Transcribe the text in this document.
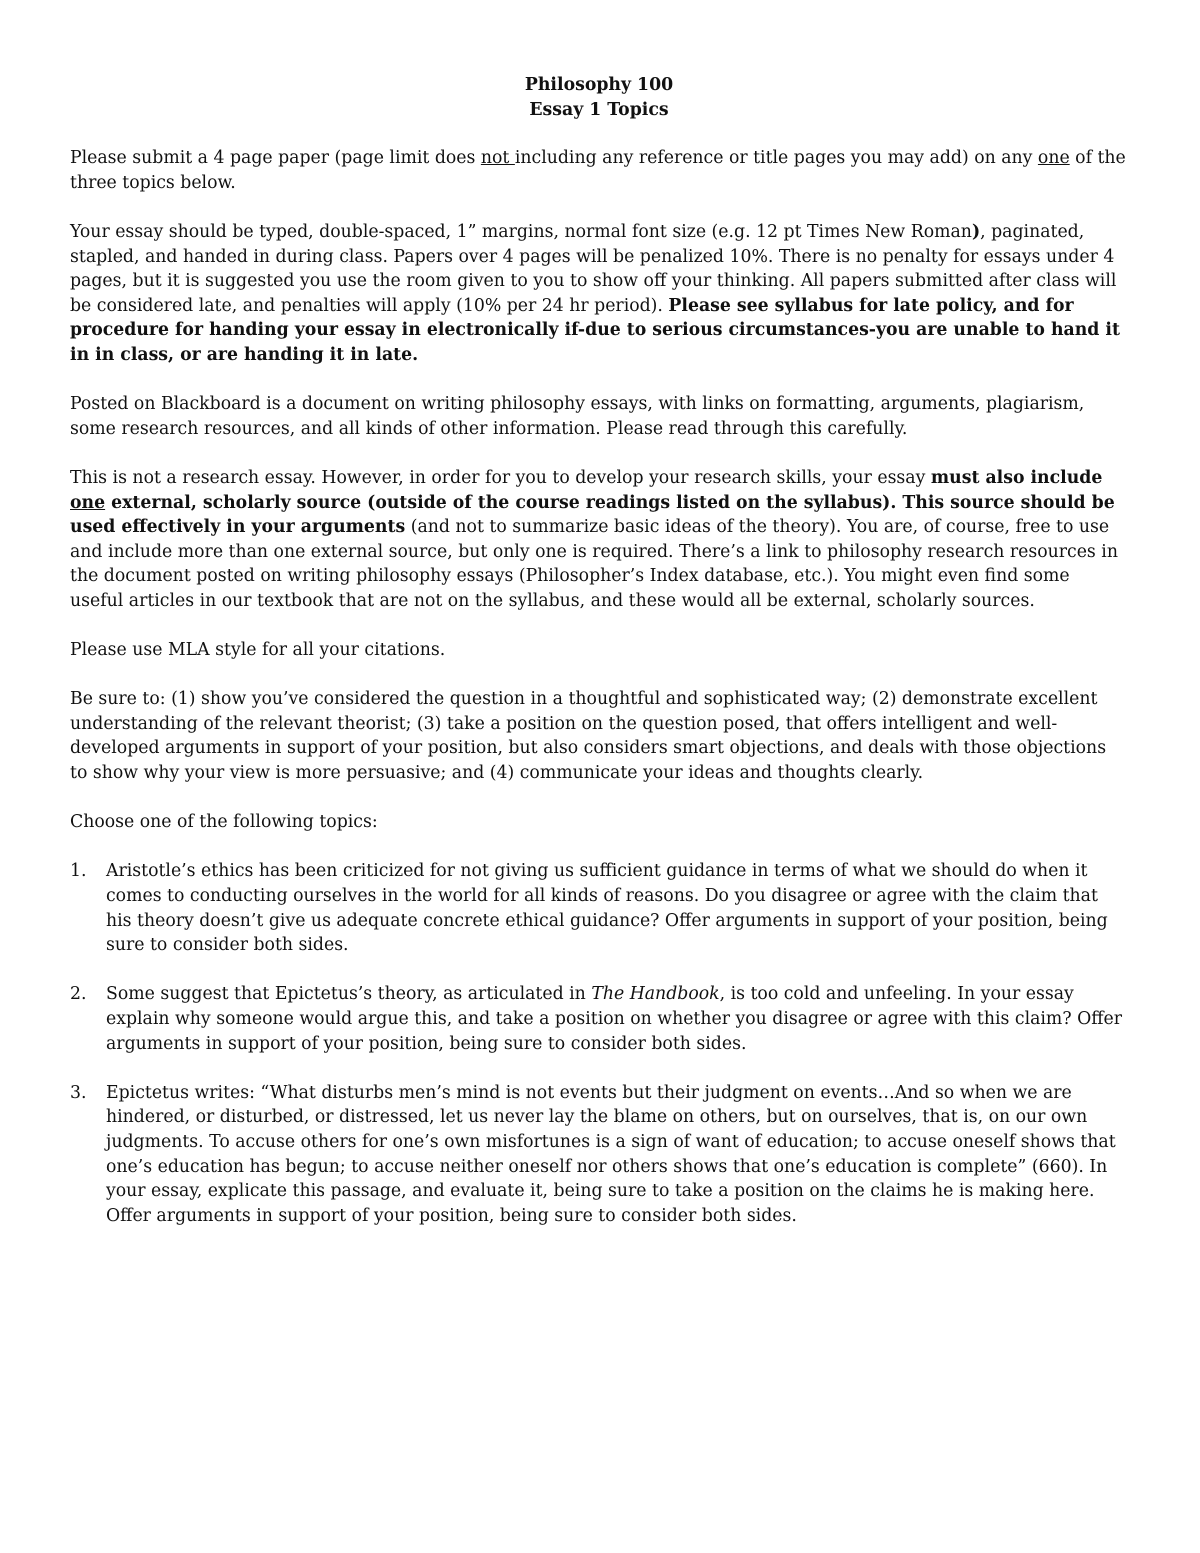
Philosophy 100
Essay 1 Topics

Please submit a 4 page paper (page limit does not including any reference or title pages you may add) on any one of the three topics below.

Your essay should be typed, double-spaced, 1” margins, normal font size (e.g. 12 pt Times New Roman), paginated, stapled, and handed in during class. Papers over 4 pages will be penalized 10%. There is no penalty for essays under 4 pages, but it is suggested you use the room given to you to show off your thinking. All papers submitted after class will be considered late, and penalties will apply (10% per 24 hr period). Please see syllabus for late policy, and for procedure for handing your essay in electronically if-due to serious circumstances-you are unable to hand it in in class, or are handing it in late.

Posted on Blackboard is a document on writing philosophy essays, with links on formatting, arguments, plagiarism, some research resources, and all kinds of other information. Please read through this carefully.

This is not a research essay. However, in order for you to develop your research skills, your essay must also include one external, scholarly source (outside of the course readings listed on the syllabus). This source should be used effectively in your arguments (and not to summarize basic ideas of the theory). You are, of course, free to use and include more than one external source, but only one is required. There’s a link to philosophy research resources in the document posted on writing philosophy essays (Philosopher’s Index database, etc.). You might even find some useful articles in our textbook that are not on the syllabus, and these would all be external, scholarly sources.

Please use MLA style for all your citations.

Be sure to: (1) show you’ve considered the question in a thoughtful and sophisticated way; (2) demonstrate excellent understanding of the relevant theorist; (3) take a position on the question posed, that offers intelligent and well-developed arguments in support of your position, but also considers smart objections, and deals with those objections to show why your view is more persuasive; and (4) communicate your ideas and thoughts clearly.

Choose one of the following topics:

1. Aristotle’s ethics has been criticized for not giving us sufficient guidance in terms of what we should do when it comes to conducting ourselves in the world for all kinds of reasons. Do you disagree or agree with the claim that his theory doesn’t give us adequate concrete ethical guidance? Offer arguments in support of your position, being sure to consider both sides.
2. Some suggest that Epictetus’s theory, as articulated in The Handbook, is too cold and unfeeling. In your essay explain why someone would argue this, and take a position on whether you disagree or agree with this claim? Offer arguments in support of your position, being sure to consider both sides.
3. Epictetus writes: “What disturbs men’s mind is not events but their judgment on events…And so when we are hindered, or disturbed, or distressed, let us never lay the blame on others, but on ourselves, that is, on our own judgments. To accuse others for one’s own misfortunes is a sign of want of education; to accuse oneself shows that one’s education has begun; to accuse neither oneself nor others shows that one’s education is complete” (660). In your essay, explicate this passage, and evaluate it, being sure to take a position on the claims he is making here. Offer arguments in support of your position, being sure to consider both sides.
